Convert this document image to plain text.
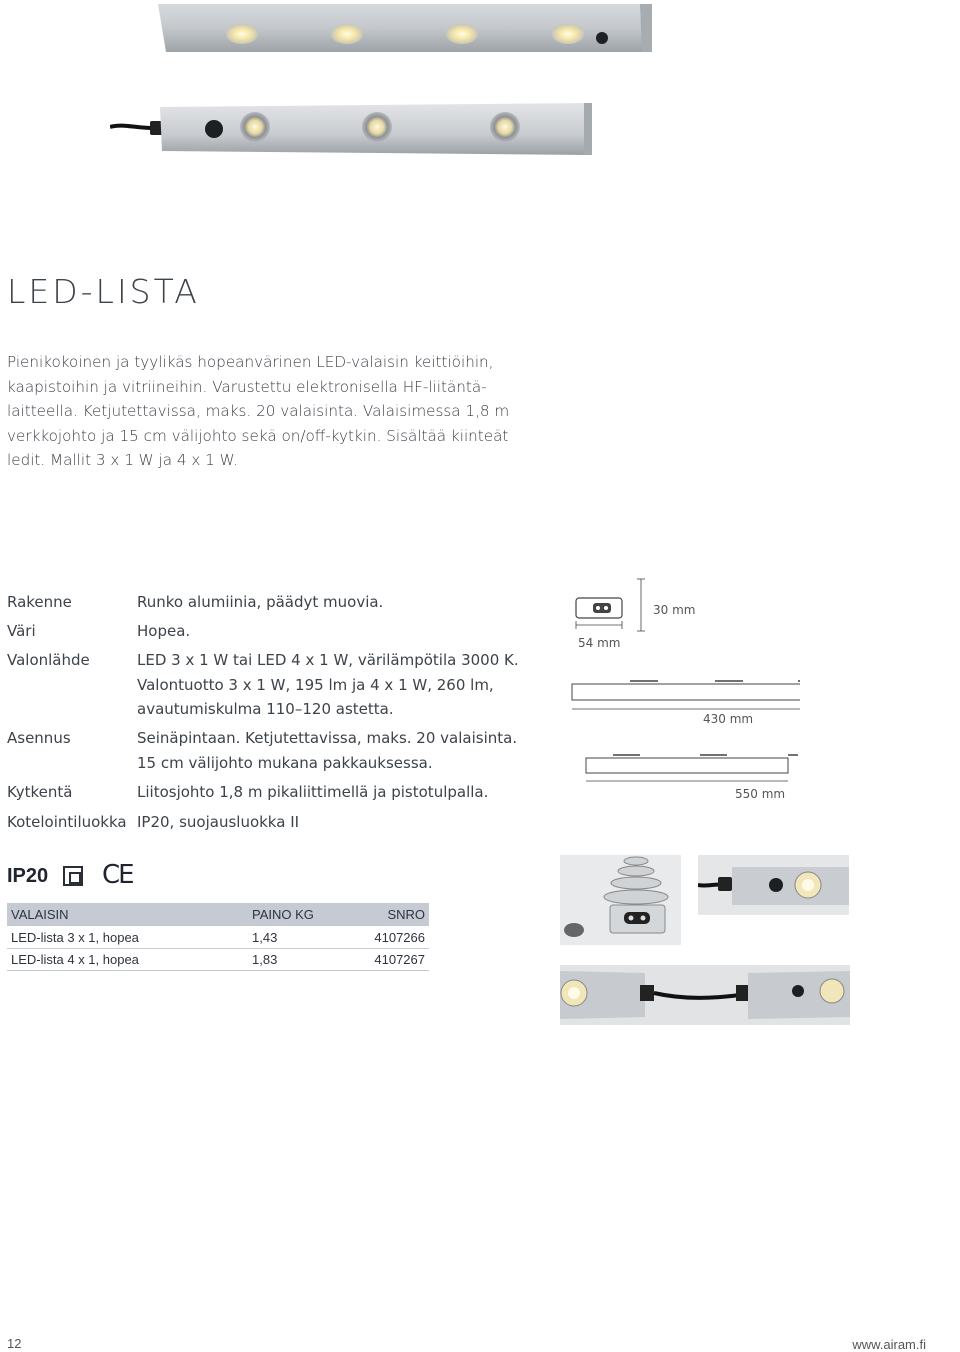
LED-LISTA
Pienikokoinen ja tyylikäs hopeanvärinen LED-valaisin keittiöihin, kaapistoihin ja vitriineihin. Varustettu elektronisella HF-liitäntä-laitteella. Ketjutettavissa, maks. 20 valaisinta. Valaisimessa 1,8 m verkkojohto ja 15 cm välijohto sekä on/off-kytkin. Sisältää kiinteät ledit. Mallit 3 x 1 W ja 4 x 1 W.
Rakenne	Runko alumiinia, päädyt muovia.
Väri	Hopea.
Valonlähde	LED 3 x 1 W tai LED 4 x 1 W, värilämpötila 3000 K. Valontuotto 3 x 1 W, 195 lm ja 4 x 1 W, 260 lm, avautumiskulma 110–120 astetta.
Asennus	Seinäpintaan. Ketjutettavissa, maks. 20 valaisinta. 15 cm välijohto mukana pakkauksessa.
Kytkentä	Liitosjohto 1,8 m pikaliittimellä ja pistotulpalla.
Kotelointiluokka IP20, suojausluokka II
30 mm
54 mm
430 mm
550 mm
IP20 CE
VALAISIN	PAINO KG	SNRO
LED-lista 3 x 1, hopea	1,43	4107266
LED-lista 4 x 1, hopea	1,83	4107267
12	www.airam.fi
